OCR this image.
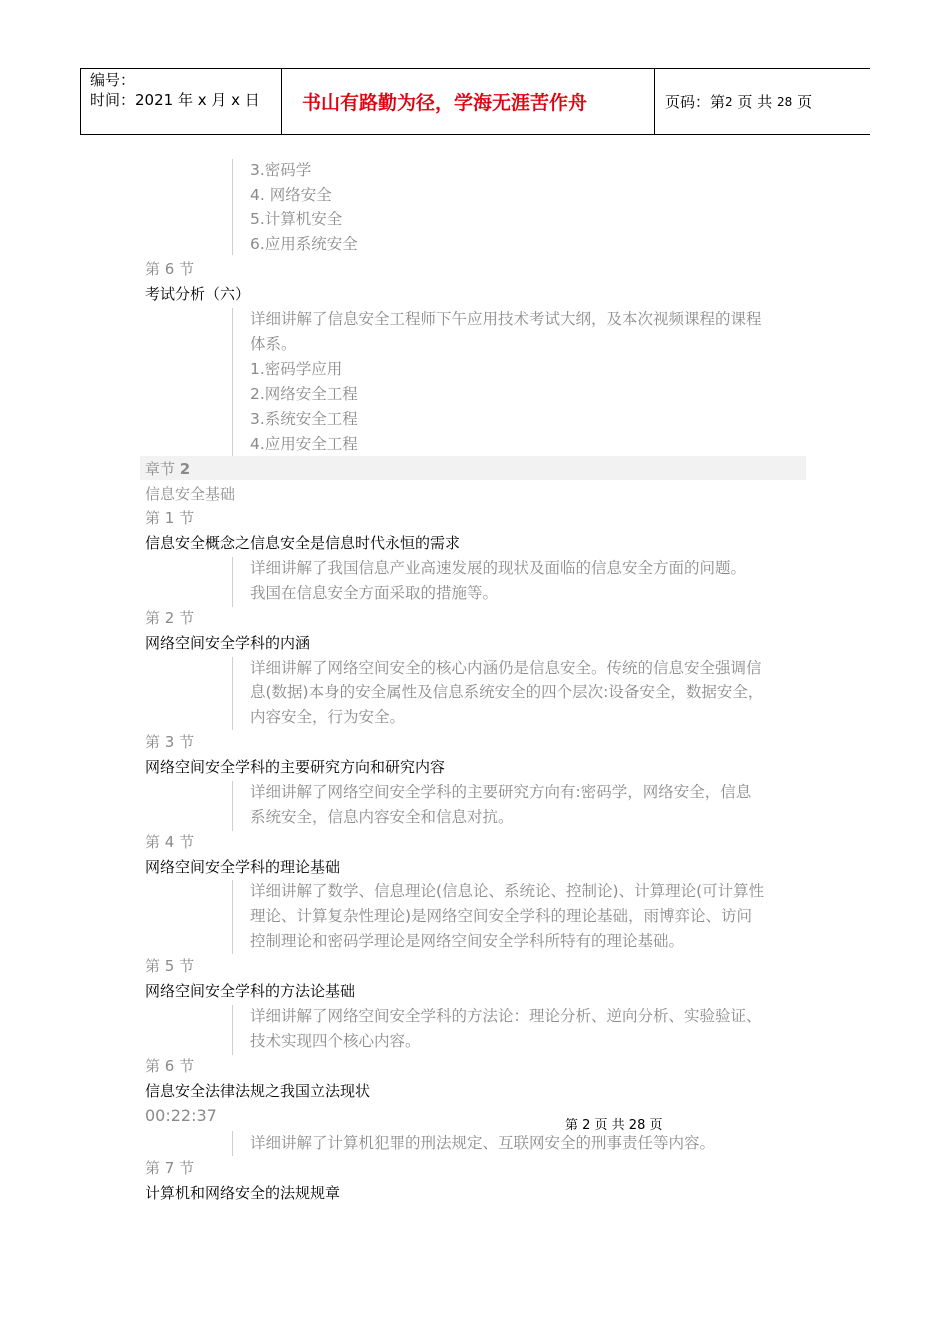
编号：
时间：2021 年 x 月 x 日	书山有路勤为径，学海无涯苦作舟	页码：第 2
页 共
28
页
3.密码学
4. 网络安全
5.计算机安全
6.应用系统安全
第 6 节
考试分析（六）
详细讲解了信息安全工程师下午应用技术考试大纲，及本次视频课程的课程
体系。
1.密码学应用
2.网络安全工程
3.系统安全工程
4.应用安全工程
章节 2
信息安全基础
第 1 节
信息安全概念之信息安全是信息时代永恒的需求
详细讲解了我国信息产业高速发展的现状及面临的信息安全方面的问题。
我国在信息安全方面采取的措施等。
第 2 节
网络空间安全学科的内涵
详细讲解了网络空间安全的核心内涵仍是信息安全。传统的信息安全强调信
息(数据)本身的安全属性及信息系统安全的四个层次:设备安全，数据安全，
内容安全，行为安全。
第 3 节
网络空间安全学科的主要研究方向和研究内容
详细讲解了网络空间安全学科的主要研究方向有:密码学，网络安全，信息
系统安全，信息内容安全和信息对抗。
第 4 节
网络空间安全学科的理论基础
详细讲解了数学、信息理论(信息论、系统论、控制论)、计算理论(可计算性
理论、计算复杂性理论)是网络空间安全学科的理论基础，雨博弈论、访问
控制理论和密码学理论是网络空间安全学科所特有的理论基础。
第 5 节
网络空间安全学科的方法论基础
详细讲解了网络空间安全学科的方法论：理论分析、逆向分析、实验验证、
技术实现四个核心内容。
第 6 节
信息安全法律法规之我国立法现状
00:22:37
第 2 页 共 28 页
详细讲解了计算机犯罪的刑法规定、互联网安全的刑事责任等内容。
第 7 节
计算机和网络安全的法规规章
